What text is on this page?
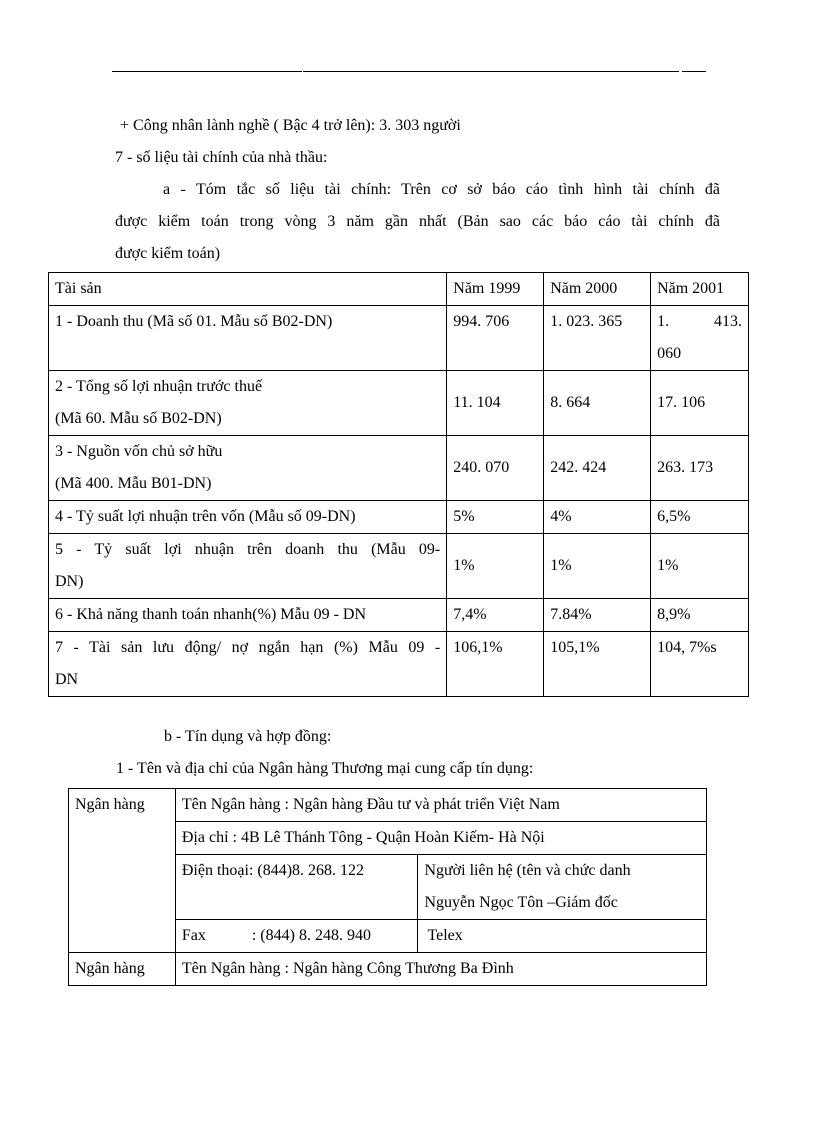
+ Công nhân lành nghề ( Bậc 4 trở lên): 3. 303 người
7 - số liệu tài chính của nhà thầu:
a - Tóm tắc số liệu tài chính: Trên cơ sở báo cáo tình hình tài chính đã
được kiểm toán trong vòng 3 năm gần nhất (Bản sao các báo cáo tài chính đã
được kiểm toán)
Tài sản	Năm 1999	Năm 2000	Năm 2001

1 - Doanh thu (Mã số 01. Mẫu số B02-DN)	994. 706	1. 023. 365	1. 413.
060

2 - Tổng số lợi nhuận trước thuế
(Mã 60. Mẫu số B02-DN)	11. 104	8. 664	17. 106

3 - Nguồn vốn chủ sở hữu
(Mã 400. Mẫu B01-DN)	240. 070	242. 424	263. 173

4 - Tỷ suất lợi nhuận trên vốn (Mẫu số 09-DN)	5%	4%	6,5%

5 - Tỷ suất lợi nhuận trên doanh thu (Mẫu 09-
DN)	1%	1%	1%

6 - Khả năng thanh toán nhanh(%) Mẫu 09 - DN	7,4%	7.84%	8,9%

7 - Tài sản lưu động/ nợ ngắn hạn (%) Mẫu 09 -
DN	106,1%	105,1%	104, 7%s
b - Tín dụng và hợp đồng:
1 - Tên và địa chỉ của Ngân hàng Thương mại cung cấp tín dụng:
Ngân hàng	Tên Ngân hàng : Ngân hàng Đầu tư và phát triển Việt Nam	

	Địa chỉ : 4B Lê Thánh Tông - Quận Hoàn Kiếm- Hà Nội	

	Điện thoại: (844)8. 268. 122	Người liên hệ (tên và chức danh
Nguyễn Ngọc Tôn –Giám đốc

	Fax : (844) 8. 248. 940	Telex

Ngân hàng	Tên Ngân hàng : Ngân hàng Công Thương Ba Đình	
